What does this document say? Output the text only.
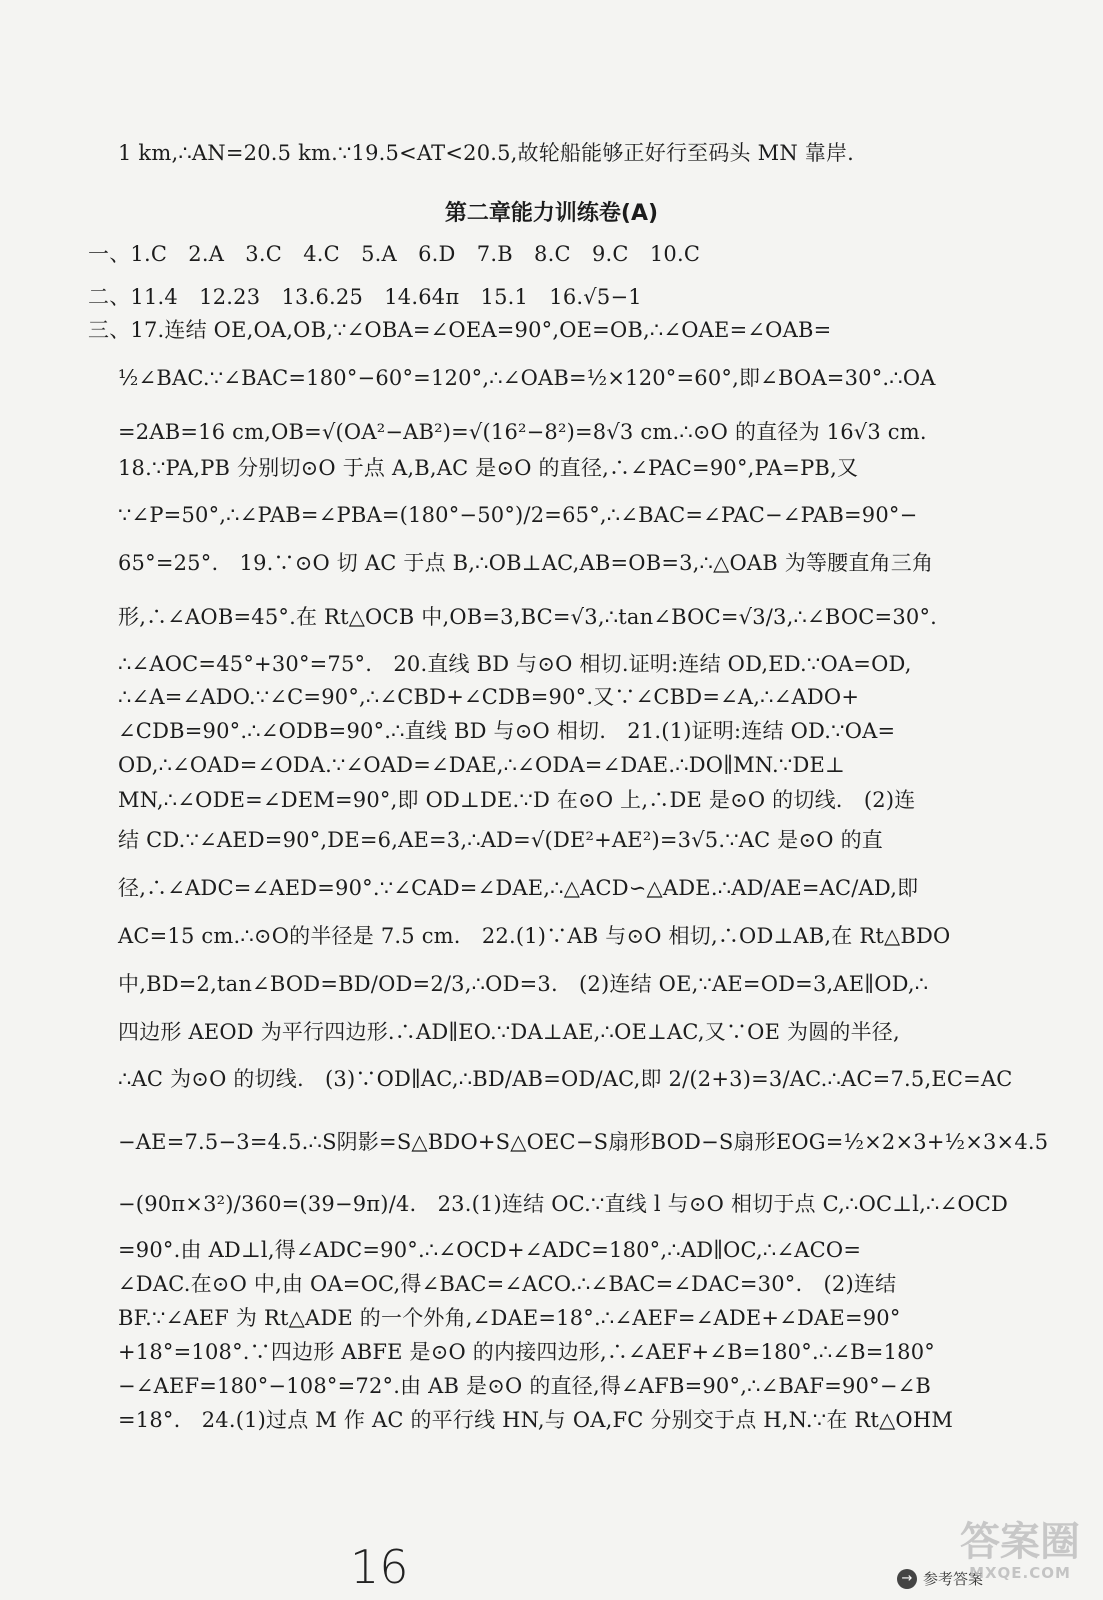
1 km,∴AN=20.5 km.∵19.5<AT<20.5,故轮船能够正好行至码头 MN 靠岸.
第二章能力训练卷(A)
一、1.C　2.A　3.C　4.C　5.A　6.D　7.B　8.C　9.C　10.C
二、11.4　12.23　13.6.25　14.64π　15.1　16.√5−1
三、17.连结 OE,OA,OB,∵∠OBA=∠OEA=90°,OE=OB,∴∠OAE=∠OAB=
½∠BAC.∵∠BAC=180°−60°=120°,∴∠OAB=½×120°=60°,即∠BOA=30°.∴OA
=2AB=16 cm,OB=√(OA²−AB²)=√(16²−8²)=8√3 cm.∴⊙O 的直径为 16√3 cm.
18.∵PA,PB 分别切⊙O 于点 A,B,AC 是⊙O 的直径,∴∠PAC=90°,PA=PB,又
∵∠P=50°,∴∠PAB=∠PBA=(180°−50°)/2=65°,∴∠BAC=∠PAC−∠PAB=90°−
65°=25°.　19.∵⊙O 切 AC 于点 B,∴OB⊥AC,AB=OB=3,∴△OAB 为等腰直角三角
形,∴∠AOB=45°.在 Rt△OCB 中,OB=3,BC=√3,∴tan∠BOC=√3/3,∴∠BOC=30°.
∴∠AOC=45°+30°=75°.　20.直线 BD 与⊙O 相切.证明:连结 OD,ED.∵OA=OD,
∴∠A=∠ADO.∵∠C=90°,∴∠CBD+∠CDB=90°.又∵∠CBD=∠A,∴∠ADO+
∠CDB=90°.∴∠ODB=90°.∴直线 BD 与⊙O 相切.　21.(1)证明:连结 OD.∵OA=
OD,∴∠OAD=∠ODA.∵∠OAD=∠DAE,∴∠ODA=∠DAE.∴DO∥MN.∵DE⊥
MN,∴∠ODE=∠DEM=90°,即 OD⊥DE.∵D 在⊙O 上,∴DE 是⊙O 的切线.　(2)连
结 CD.∵∠AED=90°,DE=6,AE=3,∴AD=√(DE²+AE²)=3√5.∵AC 是⊙O 的直
径,∴∠ADC=∠AED=90°.∵∠CAD=∠DAE,∴△ACD∽△ADE.∴AD/AE=AC/AD,即
AC=15 cm.∴⊙O的半径是 7.5 cm.　22.(1)∵AB 与⊙O 相切,∴OD⊥AB,在 Rt△BDO
中,BD=2,tan∠BOD=BD/OD=2/3,∴OD=3.　(2)连结 OE,∵AE=OD=3,AE∥OD,∴
四边形 AEOD 为平行四边形.∴AD∥EO.∵DA⊥AE,∴OE⊥AC,又∵OE 为圆的半径,
∴AC 为⊙O 的切线.　(3)∵OD∥AC,∴BD/AB=OD/AC,即 2/(2+3)=3/AC.∴AC=7.5,EC=AC
−AE=7.5−3=4.5.∴S阴影=S△BDO+S△OEC−S扇形BOD−S扇形EOG=½×2×3+½×3×4.5
−(90π×3²)/360=(39−9π)/4.　23.(1)连结 OC.∵直线 l 与⊙O 相切于点 C,∴OC⊥l,∴∠OCD
=90°.由 AD⊥l,得∠ADC=90°.∴∠OCD+∠ADC=180°,∴AD∥OC,∴∠ACO=
∠DAC.在⊙O 中,由 OA=OC,得∠BAC=∠ACO.∴∠BAC=∠DAC=30°.　(2)连结
BF.∵∠AEF 为 Rt△ADE 的一个外角,∠DAE=18°.∴∠AEF=∠ADE+∠DAE=90°
+18°=108°.∵四边形 ABFE 是⊙O 的内接四边形,∴∠AEF+∠B=180°.∴∠B=180°
−∠AEF=180°−108°=72°.由 AB 是⊙O 的直径,得∠AFB=90°,∴∠BAF=90°−∠B
=18°.　24.(1)过点 M 作 AC 的平行线 HN,与 OA,FC 分别交于点 H,N.∵在 Rt△OHM
16	→ 参考答案
答案圈
MXQE.COM
